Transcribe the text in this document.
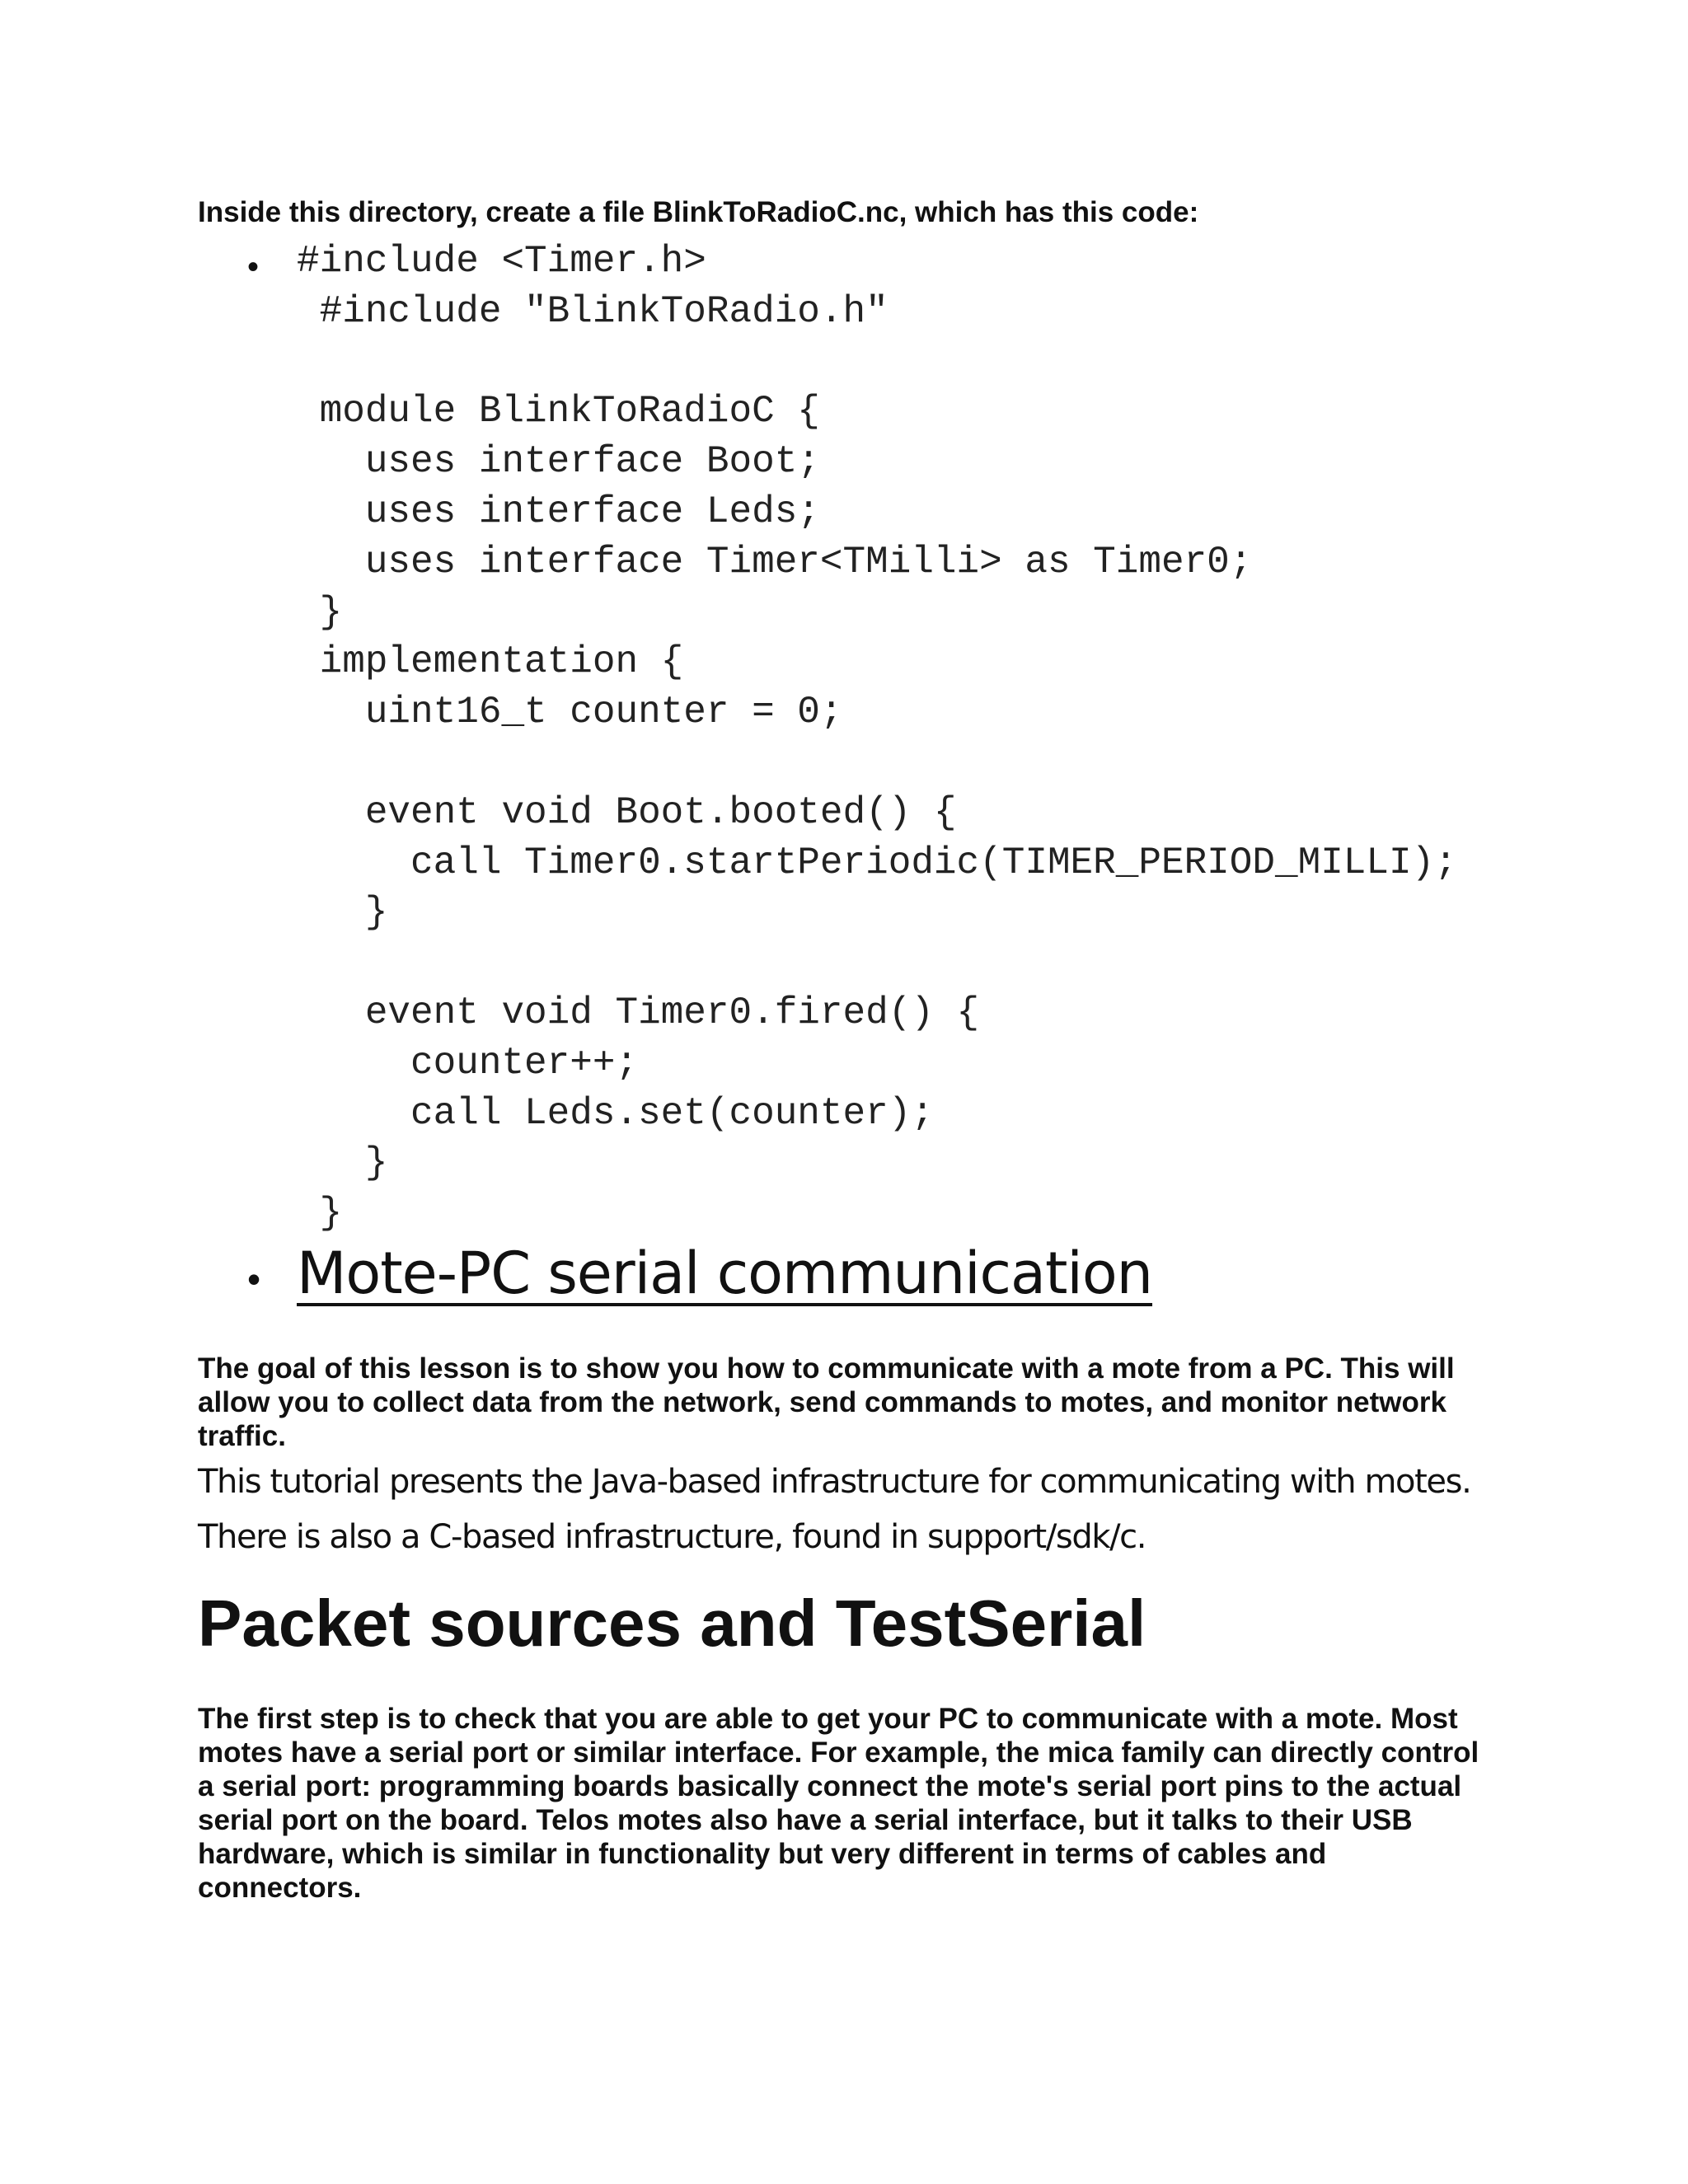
Inside this directory, create a file BlinkToRadioC.nc, which has this code:

• #include <Timer.h>
#include "BlinkToRadio.h"

module BlinkToRadioC {
uses interface Boot;
uses interface Leds;
uses interface Timer<TMilli> as Timer0;
}
implementation {
uint16_t counter = 0;

event void Boot.booted() {
call Timer0.startPeriodic(TIMER_PERIOD_MILLI);
}

event void Timer0.fired() {
counter++;
call Leds.set(counter);
}
}
• Mote-PC serial communication

The goal of this lesson is to show you how to communicate with a mote from a PC. This will allow you to collect data from the network, send commands to motes, and monitor network traffic.

This tutorial presents the Java-based infrastructure for communicating with motes. There is also a C-based infrastructure, found in support/sdk/c.

Packet sources and TestSerial

The first step is to check that you are able to get your PC to communicate with a mote. Most motes have a serial port or similar interface. For example, the mica family can directly control a serial port: programming boards basically connect the mote's serial port pins to the actual serial port on the board. Telos motes also have a serial interface, but it talks to their USB hardware, which is similar in functionality but very different in terms of cables and connectors.
